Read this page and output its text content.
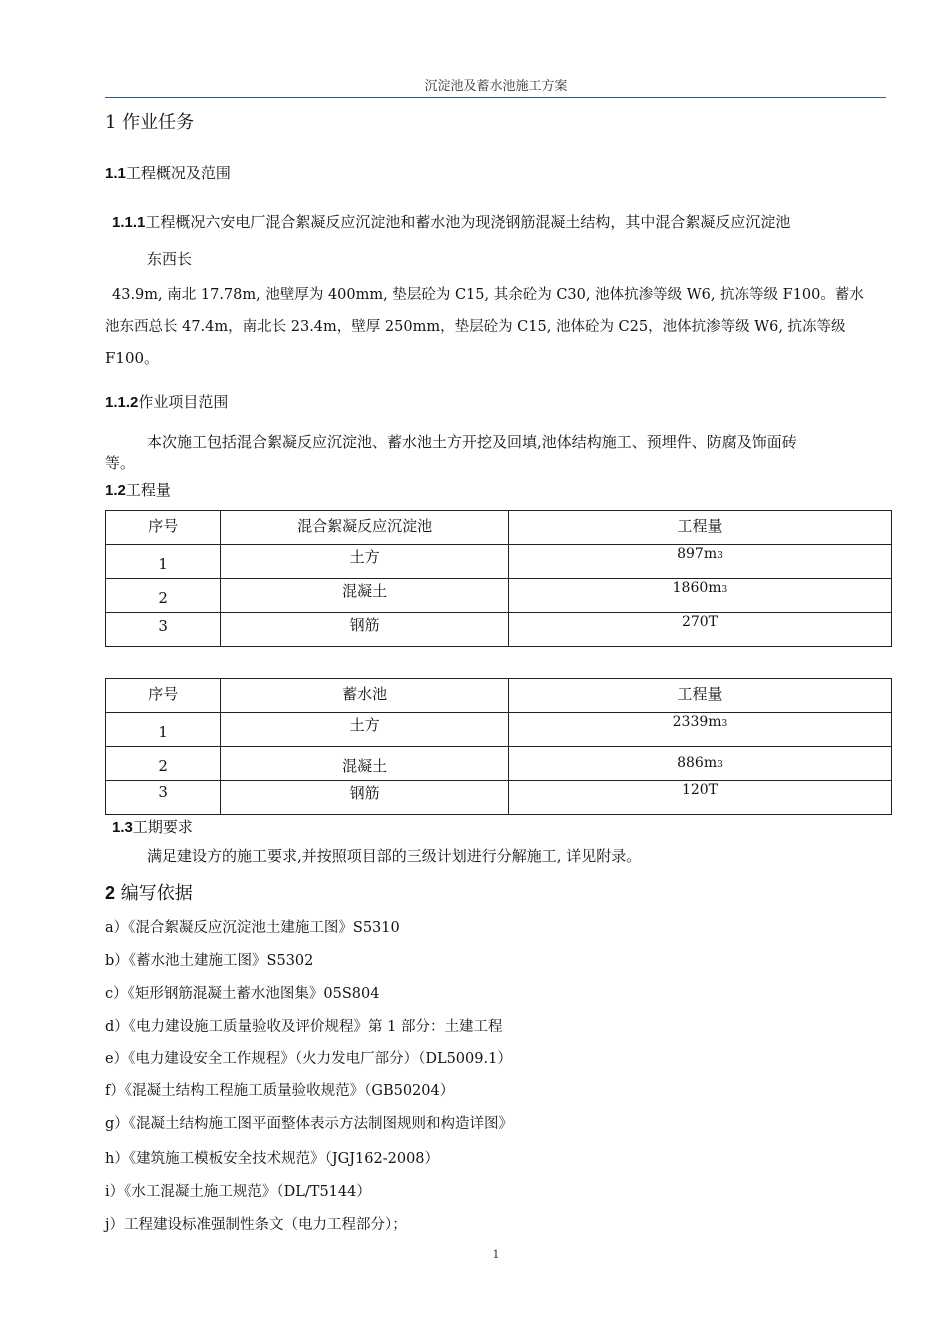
沉淀池及蓄水池施工方案
1 作业任务
1.1工程概况及范围
1.1.1工程概况六安电厂混合絮凝反应沉淀池和蓄水池为现浇钢筋混凝土结构，其中混合絮凝反应沉淀池
东西长
43.9m, 南北 17.78m, 池壁厚为 400mm, 垫层砼为 C15, 其余砼为 C30, 池体抗渗等级 W6, 抗冻等级 F100。蓄水
池东西总长 47.4m，南北长 23.4m，壁厚 250mm，垫层砼为 C15, 池体砼为 C25，池体抗渗等级 W6, 抗冻等级
F100。
1.1.2作业项目范围
本次施工包括混合絮凝反应沉淀池、蓄水池土方开挖及回填,池体结构施工、预埋件、防腐及饰面砖
等。
1.2工程量
序号	混合絮凝反应沉淀池	工程量

1	土方	897m3

2	混凝土	1860m3

3	钢筋	270T
序号	蓄水池	工程量

1	土方	2339m3

2	混凝土	886m3

3	钢筋	120T
1.3工期要求
满足建设方的施工要求,并按照项目部的三级计划进行分解施工, 详见附录。
2 编写依据
a）《混合絮凝反应沉淀池土建施工图》S5310
b）《蓄水池土建施工图》S5302
c）《矩形钢筋混凝土蓄水池图集》05S804
d）《电力建设施工质量验收及评价规程》第 1 部分：土建工程
e）《电力建设安全工作规程》（火力发电厂部分）（DL5009.1）
f）《混凝土结构工程施工质量验收规范》（GB50204）
g）《混凝土结构施工图平面整体表示方法制图规则和构造详图》
h）《建筑施工模板安全技术规范》（JGJ162-2008）
i）《水工混凝土施工规范》（DL/T5144）
j）工程建设标准强制性条文（电力工程部分）；
1
